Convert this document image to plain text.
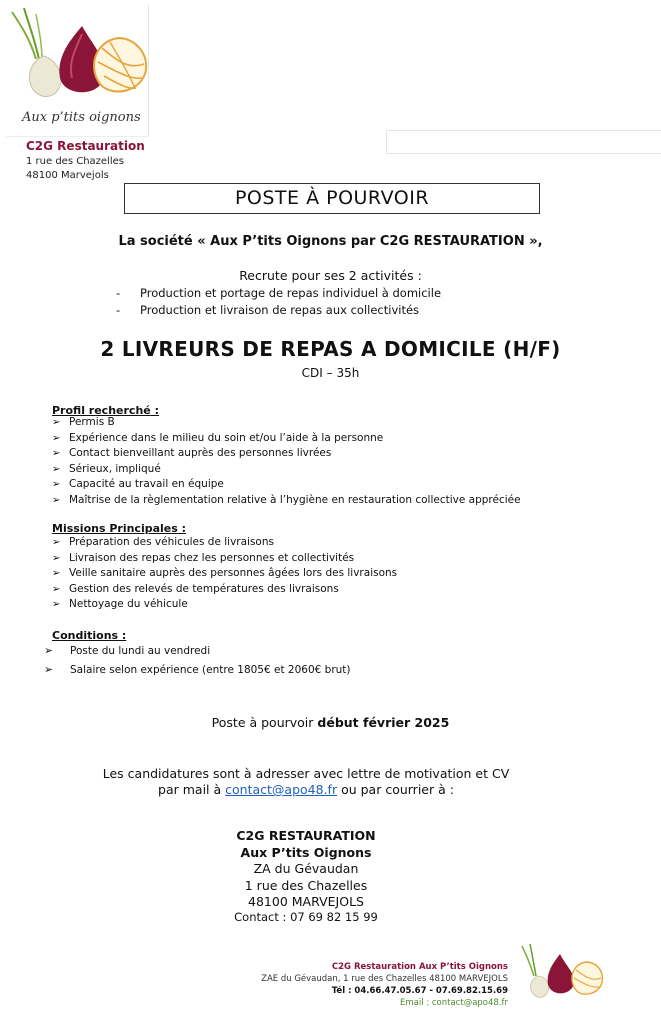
Aux p’tits oignons
C2G Restauration
1 rue des Chazelles
48100 Marvejols
POSTE À POURVOIR
La société « Aux P’tits Oignons par C2G RESTAURATION »,
Recrute pour ses 2 activités :
- Production et portage de repas individuel à domicile
- Production et livraison de repas aux collectivités
2 LIVREURS DE REPAS A DOMICILE (H/F)
CDI – 35h
Profil recherché :
➢ Permis B
➢ Expérience dans le milieu du soin et/ou l’aide à la personne
➢ Contact bienveillant auprès des personnes livrées
➢ Sérieux, impliqué
➢ Capacité au travail en équipe
➢ Maîtrise de la règlementation relative à l’hygiène en restauration collective appréciée
Missions Principales :
➢ Préparation des véhicules de livraisons
➢ Livraison des repas chez les personnes et collectivités
➢ Veille sanitaire auprès des personnes âgées lors des livraisons
➢ Gestion des relevés de températures des livraisons
➢ Nettoyage du véhicule
Conditions :
➢ Poste du lundi au vendredi
➢ Salaire selon expérience (entre 1805€ et 2060€ brut)
Poste à pourvoir début février 2025
Les candidatures sont à adresser avec lettre de motivation et CV
par mail à contact@apo48.fr ou par courrier à :
C2G RESTAURATION
Aux P’tits Oignons
ZA du Gévaudan
1 rue des Chazelles
48100 MARVEJOLS
Contact : 07 69 82 15 99
C2G Restauration Aux P’tits Oignons
ZAE du Gévaudan, 1 rue des Chazelles 48100 MARVEJOLS
Tél : 04.66.47.05.67 - 07.69.82.15.69
Email : contact@apo48.fr
